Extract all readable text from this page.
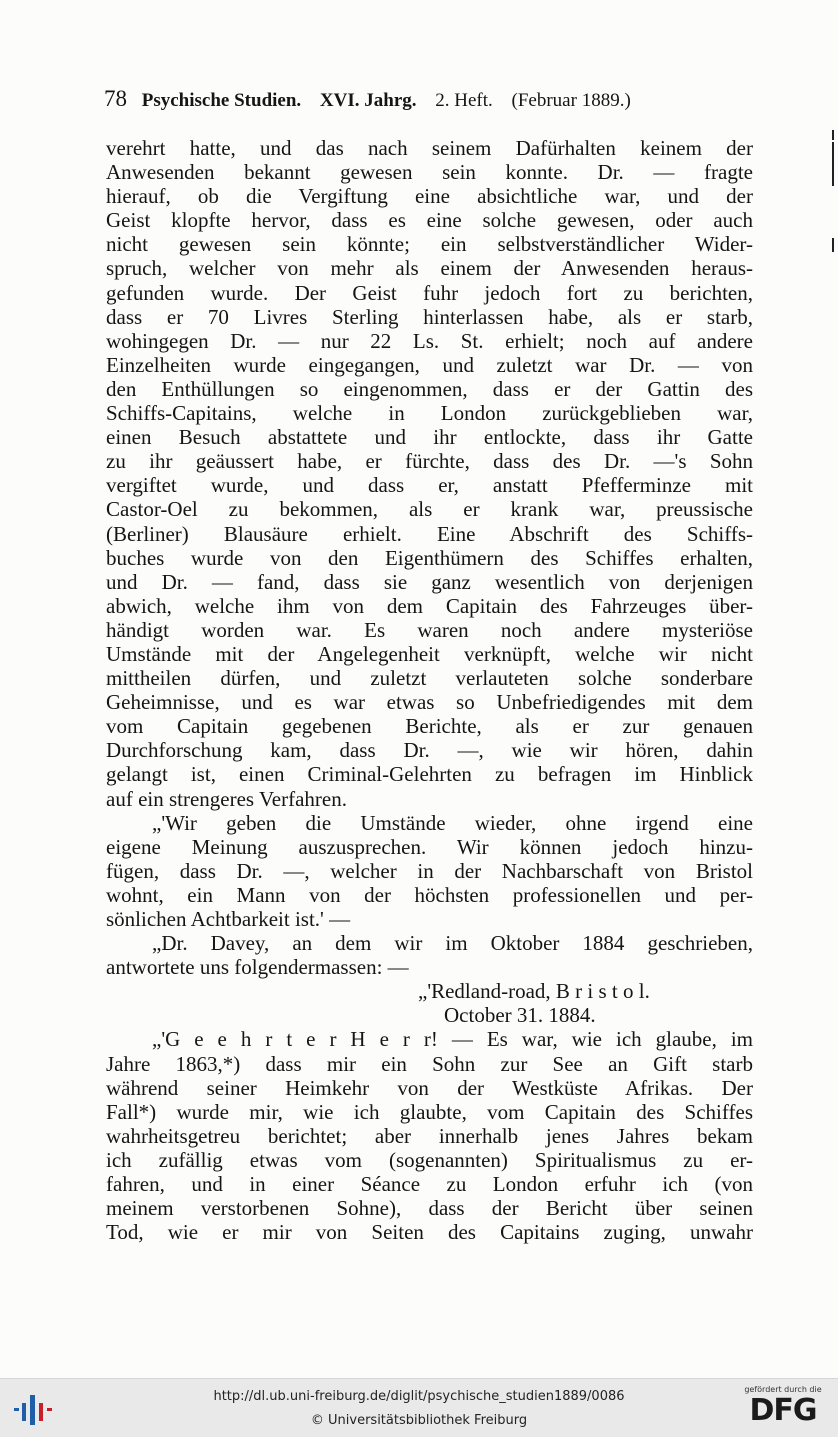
78 Psychische Studien. XVI. Jahrg. 2. Heft. (Februar 1889.)
verehrt hatte, und das nach seinem Dafürhalten keinem der
Anwesenden bekannt gewesen sein konnte. Dr. — fragte
hierauf, ob die Vergiftung eine absichtliche war, und der
Geist klopfte hervor, dass es eine solche gewesen, oder auch
nicht gewesen sein könnte; ein selbstverständlicher Wider-
spruch, welcher von mehr als einem der Anwesenden heraus-
gefunden wurde. Der Geist fuhr jedoch fort zu berichten,
dass er 70 Livres Sterling hinterlassen habe, als er starb,
wohingegen Dr. — nur 22 Ls. St. erhielt; noch auf andere
Einzelheiten wurde eingegangen, und zuletzt war Dr. — von
den Enthüllungen so eingenommen, dass er der Gattin des
Schiffs-Capitains, welche in London zurückgeblieben war,
einen Besuch abstattete und ihr entlockte, dass ihr Gatte
zu ihr geäussert habe, er fürchte, dass des Dr. —'s Sohn
vergiftet wurde, und dass er, anstatt Pfefferminze mit
Castor-Oel zu bekommen, als er krank war, preussische
(Berliner) Blausäure erhielt. Eine Abschrift des Schiffs-
buches wurde von den Eigenthümern des Schiffes erhalten,
und Dr. — fand, dass sie ganz wesentlich von derjenigen
abwich, welche ihm von dem Capitain des Fahrzeuges über-
händigt worden war. Es waren noch andere mysteriöse
Umstände mit der Angelegenheit verknüpft, welche wir nicht
mittheilen dürfen, und zuletzt verlauteten solche sonderbare
Geheimnisse, und es war etwas so Unbefriedigendes mit dem
vom Capitain gegebenen Berichte, als er zur genauen
Durchforschung kam, dass Dr. —, wie wir hören, dahin
gelangt ist, einen Criminal-Gelehrten zu befragen im Hinblick
auf ein strengeres Verfahren.
„'Wir geben die Umstände wieder, ohne irgend eine
eigene Meinung auszusprechen. Wir können jedoch hinzu-
fügen, dass Dr. —, welcher in der Nachbarschaft von Bristol
wohnt, ein Mann von der höchsten professionellen und per-
sönlichen Achtbarkeit ist.' —
„Dr. Davey, an dem wir im Oktober 1884 geschrieben,
antwortete uns folgendermassen: —
„'Redland-road, B r i s t o l.
October 31. 1884.
„'G e e h r t e r H e r r! — Es war, wie ich glaube, im
Jahre 1863,*) dass mir ein Sohn zur See an Gift starb
während seiner Heimkehr von der Westküste Afrikas. Der
Fall*) wurde mir, wie ich glaubte, vom Capitain des Schiffes
wahrheitsgetreu berichtet; aber innerhalb jenes Jahres bekam
ich zufällig etwas vom (sogenannten) Spiritualismus zu er-
fahren, und in einer Séance zu London erfuhr ich (von
meinem verstorbenen Sohne), dass der Bericht über seinen
Tod, wie er mir von Seiten des Capitains zuging, unwahr
http://dl.ub.uni-freiburg.de/diglit/psychische_studien1889/0086
© Universitätsbibliothek Freiburg
gefördert durch die
DFG
